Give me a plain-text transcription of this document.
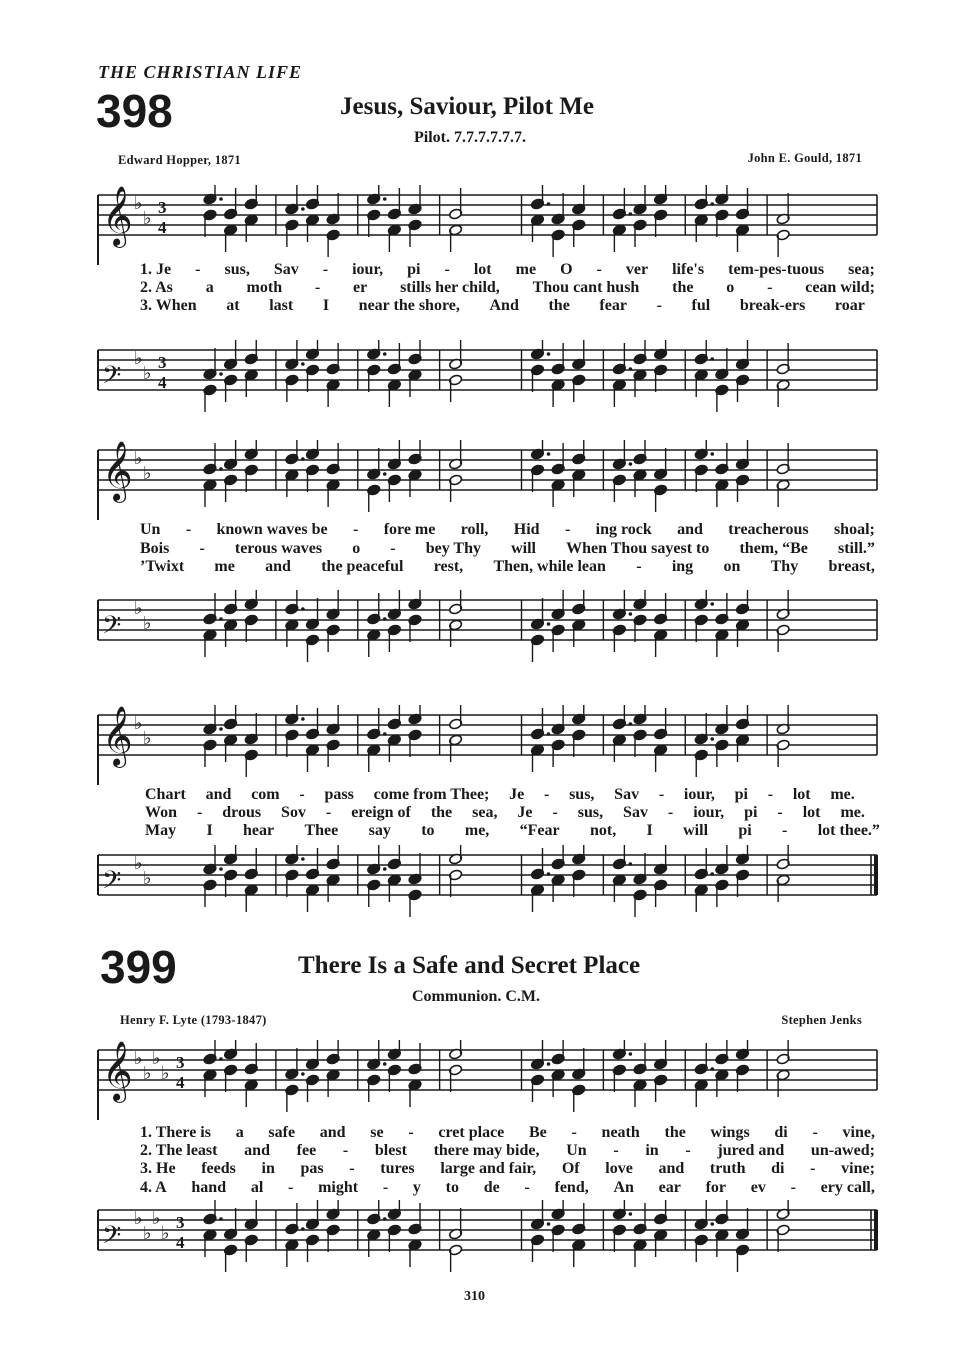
THE CHRISTIAN LIFE
398	Jesus, Saviour, Pilot Me
Pilot. 7.7.7.7.7.7.
Edward Hopper, 1871	John E. Gould, 1871
𝄞 ♭
♭
3
4
1. Je - sus, Sav - iour, pi - lot me O - ver life's tem-pes-tuous sea;
2. As a moth - er stills her child, Thou cant hush the o - cean wild;
3. When at last I near the shore, And the fear - ful break-ers roar
𝄢
♭
♭
3
4
𝄞 ♭
♭
Un - known waves be - fore me roll, Hid - ing rock and treacherous shoal;
Bois - terous waves o - bey Thy will When Thou sayest to them, “Be still.”
’Twixt me and the peaceful rest, Then, while lean - ing on Thy breast,
𝄢
♭
♭
𝄞 ♭
♭
Chart and com - pass come from Thee; Je - sus, Sav - iour, pi - lot me.
Won - drous Sov - ereign of the sea, Je - sus, Sav - iour, pi - lot me.
May I hear Thee say to me, “Fear not, I will pi - lot thee.”
𝄢
♭
♭
399	There Is a Safe and Secret Place
Communion. C.M.
Henry F. Lyte (1793-1847)	Stephen Jenks
𝄞 ♭
♭
♭
♭
3
4
1. There is a safe and se - cret place Be - neath the wings di - vine,
2. The least and fee - blest there may bide, Un - in - jured and un-awed;
3. He feeds in pas - tures large and fair, Of love and truth di - vine;
4. A hand al - might - y to de - fend, An ear for ev - ery call,
𝄢
♭
♭
♭
♭
3
4
310
